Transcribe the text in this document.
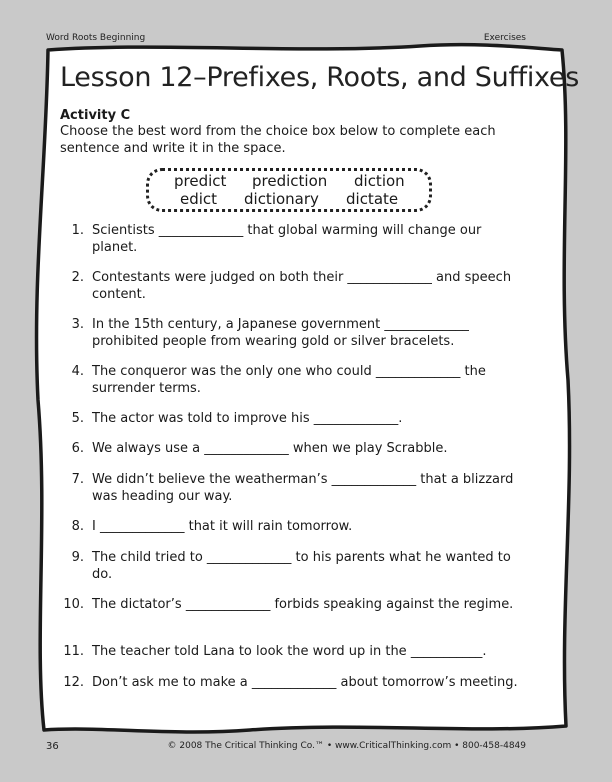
Word Roots Beginning	Exercises
Lesson 12–Prefixes, Roots, and Suffixes
Activity C
Choose the best word from the choice box below to complete each sentence and write it in the space.
predict prediction diction
edict dictionary dictate
1. Scientists _____________ that global warming will change our planet.
2. Contestants were judged on both their _____________ and speech content.
3. In the 15th century, a Japanese government _____________ prohibited people from wearing gold or silver bracelets.
4. The conqueror was the only one who could _____________ the surrender terms.
5. The actor was told to improve his _____________.
6. We always use a _____________ when we play Scrabble.
7. We didn’t believe the weatherman’s _____________ that a blizzard was heading our way.
8. I _____________ that it will rain tomorrow.
9. The child tried to _____________ to his parents what he wanted to do.
10. The dictator’s _____________ forbids speaking against the regime.
11. The teacher told Lana to look the word up in the ___________.
12. Don’t ask me to make a _____________ about tomorrow’s meeting.
36	© 2008 The Critical Thinking Co.™ • www.CriticalThinking.com • 800-458-4849
